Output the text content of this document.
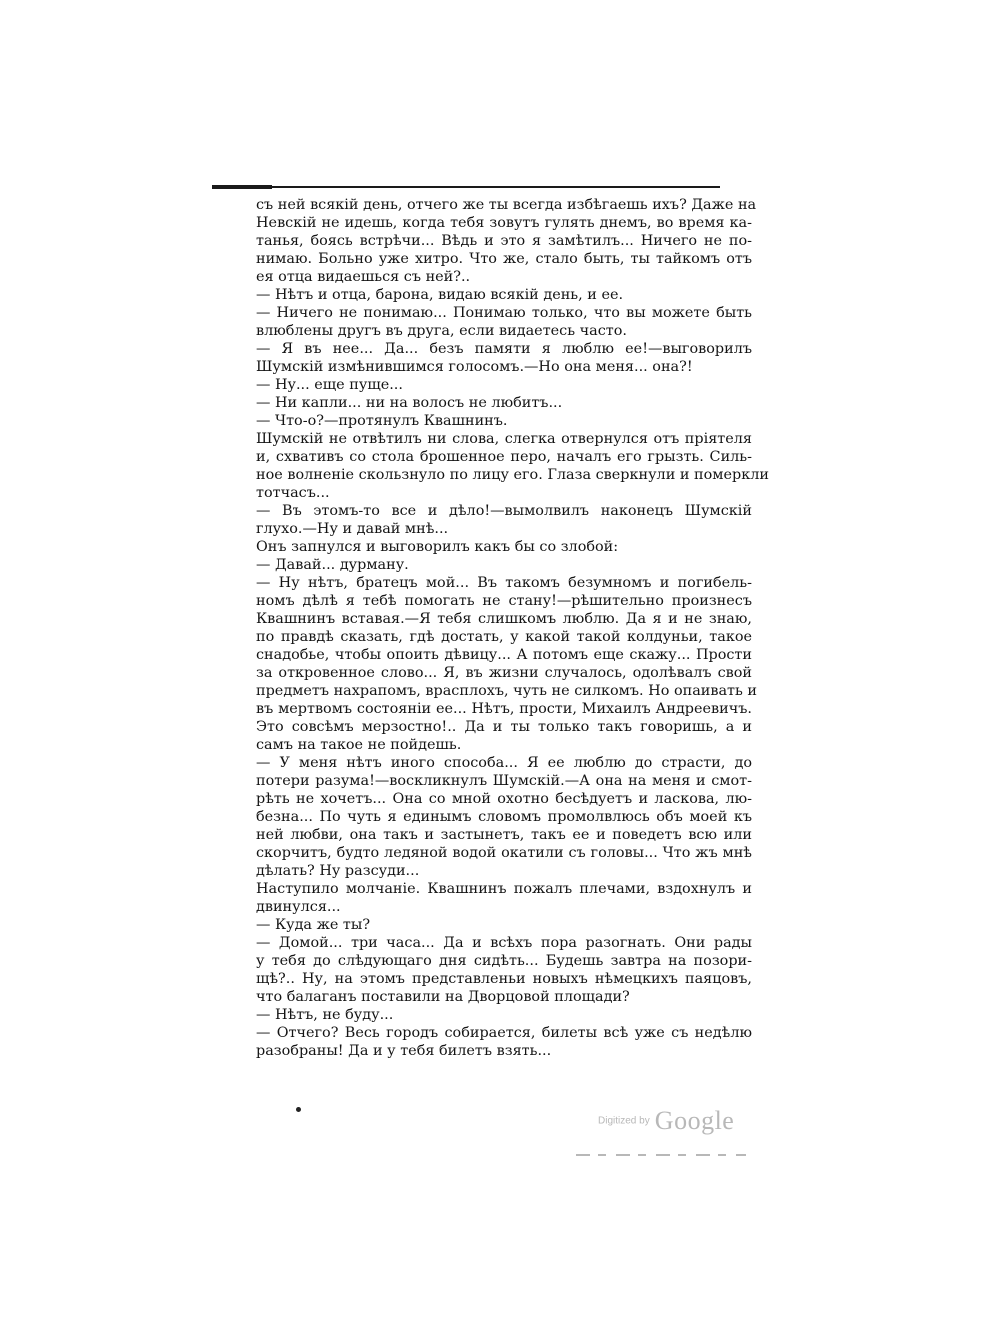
съ ней всякій день, отчего же ты всегда избѣгаешь ихъ? Даже на
Невскій не идешь, когда тебя зовутъ гулять днемъ, во время ка-
танья, боясь встрѣчи... Вѣдь и это я замѣтилъ... Ничего не по-
нимаю. Больно уже хитро. Что же, стало быть, ты тайкомъ отъ
ея отца видаешься съ ней?..
— Нѣтъ и отца, барона, видаю всякій день, и ее.
— Ничего не понимаю... Понимаю только, что вы можете быть
влюблены другъ въ друга, если видаетесь часто.
— Я въ нее... Да... безъ памяти я люблю ее!—выговорилъ
Шумскій измѣнившимся голосомъ.—Но она меня... она?!
— Ну... еще пуще...
— Ни капли... ни на волосъ не любитъ...
— Что-о?—протянулъ Квашнинъ.
Шумскій не отвѣтилъ ни слова, слегка отвернулся отъ пріятеля
и, схвативъ со стола брошенное перо, началъ его грызть. Силь-
ное волненіе скользнуло по лицу его. Глаза сверкнули и померкли
тотчасъ...
— Въ этомъ-то все и дѣло!—вымолвилъ наконецъ Шумскій
глухо.—Ну и давай мнѣ...
Онъ запнулся и выговорилъ какъ бы со злобой:
— Давай... дурману.
— Ну нѣтъ, братецъ мой... Въ такомъ безумномъ и погибель-
номъ дѣлѣ я тебѣ помогать не стану!—рѣшительно произнесъ
Квашнинъ вставая.—Я тебя слишкомъ люблю. Да я и не знаю,
по правдѣ сказать, гдѣ достать, у какой такой колдуньи, такое
снадобье, чтобы опоить дѣвицу... А потомъ еще скажу... Прости
за откровенное слово... Я, въ жизни случалось, одолѣвалъ свой
предметъ нахрапомъ, врасплохъ, чуть не силкомъ. Но опаивать и
въ мертвомъ состояніи ее... Нѣтъ, прости, Михаилъ Андреевичъ.
Это совсѣмъ мерзостно!.. Да и ты только такъ говоришь, а и
самъ на такое не пойдешь.
— У меня нѣтъ иного способа... Я ее люблю до страсти, до
потери разума!—воскликнулъ Шумскій.—А она на меня и смот-
рѣть не хочетъ... Она со мной охотно бесѣдуетъ и ласкова, лю-
безна... По чуть я единымъ словомъ промолвлюсь объ моей къ
ней любви, она такъ и застынетъ, такъ ее и поведетъ всю или
скорчитъ, будто ледяной водой окатили съ головы... Что жъ мнѣ
дѣлать? Ну разсуди...
Наступило молчаніе. Квашнинъ пожалъ плечами, вздохнулъ и
двинулся...
— Куда же ты?
— Домой... три часа... Да и всѣхъ пора разогнать. Они рады
у тебя до слѣдующаго дня сидѣть... Будешь завтра на позори-
щѣ?.. Ну, на этомъ представленьи новыхъ нѣмецкихъ паяцовъ,
что балаганъ поставили на Дворцовой площади?
— Нѣтъ, не буду...
— Отчего? Весь городъ собирается, билеты всѣ уже съ недѣлю
разобраны! Да и у тебя билетъ взять...
Digitized by Google
